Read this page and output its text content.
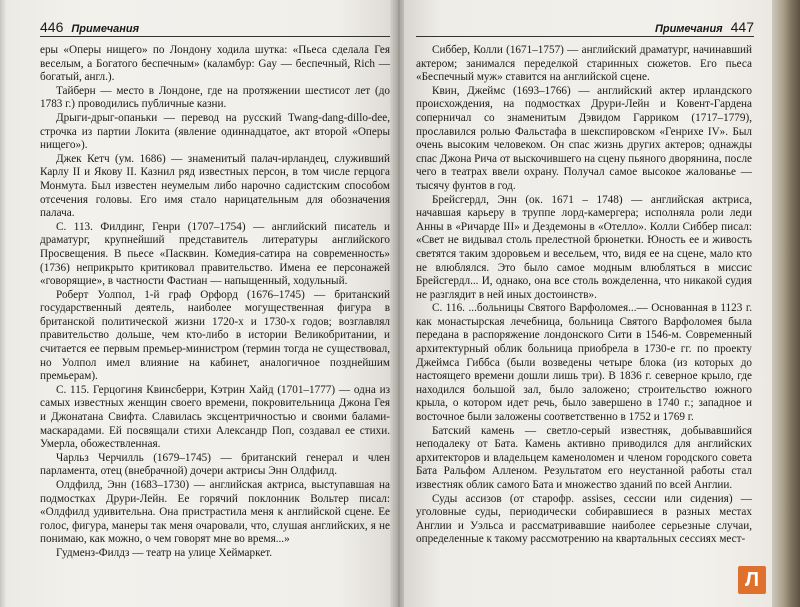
446 Примечания

еры «Оперы нищего» по Лондону ходила шутка: «Пьеса сделала Гея веселым, а Богатого беспечным» (каламбур: Gay — беспечный, Rich — богатый, англ.).

Тайберн — место в Лондоне, где на протяжении шестисот лет (до 1783 г.) проводились публичные казни.

Дрыги-дрыг-опаньки — перевод на русский Twang-dang-dillo-dee, строчка из партии Локита (явление одиннадцатое, акт второй «Оперы нищего»).

Джек Кетч (ум. 1686) — знаменитый палач-ирландец, служивший Карлу II и Якову II. Казнил ряд известных персон, в том числе герцога Монмута. Был известен неумелым либо нарочно садистским способом отсечения головы. Его имя стало нарицательным для обозначения палача.

С. 113. Филдинг, Генри (1707–1754) — английский писатель и драматург, крупнейший представитель литературы английского Просвещения. В пьесе «Пасквин. Комедия-сатира на современность» (1736) неприкрыто критиковал правительство. Имена ее персонажей «говорящие», в частности Фастиан — напыщенный, ходульный.

Роберт Уолпол, 1-й граф Орфорд (1676–1745) — британский государственный деятель, наиболее могущественная фигура в британской политической жизни 1720-х и 1730-х годов; возглавлял правительство дольше, чем кто-либо в истории Великобритании, и считается ее первым премьер-министром (термин тогда не существовал, но Уолпол имел влияние на кабинет, аналогичное позднейшим премьерам).

С. 115. Герцогиня Квинсберри, Кэтрин Хайд (1701–1777) — одна из самых известных женщин своего времени, покровительница Джона Гея и Джонатана Свифта. Славилась эксцентричностью и своими балами-маскарадами. Ей посвящали стихи Александр Поп, создавал ее стихи. Умерла, обожествленная.

Чарльз Черчилль (1679–1745) — британский генерал и член парламента, отец (внебрачной) дочери актрисы Энн Олдфилд.

Олдфилд, Энн (1683–1730) — английская актриса, выступавшая на подмостках Друри-Лейн. Ее горячий поклонник Вольтер писал: «Олдфилд удивительна. Она пристрастила меня к английской сцене. Ее голос, фигура, манеры так меня очаровали, что, слушая английских, я не понимаю, как можно, о чем говорят мне во время...»

Гудменз-Филдз — театр на улице Хеймаркет.

Примечания 447

Сиббер, Колли (1671–1757) — английский драматург, начинавший актером; занимался переделкой старинных сюжетов. Его пьеса «Беспечный муж» ставится на английской сцене.

Квин, Джеймс (1693–1766) — английский актер ирландского происхождения, на подмостках Друри-Лейн и Ковент-Гардена соперничал со знаменитым Дэвидом Гарриком (1717–1779), прославился ролью Фальстафа в шекспировском «Генрихе IV». Был очень высоким человеком. Он спас жизнь других актеров; однажды спас Джона Рича от выскочившего на сцену пьяного дворянина, после чего в театрах ввели охрану. Получал самое высокое жалованье — тысячу фунтов в год.

Брейсгердл, Энн (ок. 1671 – 1748) — английская актриса, начавшая карьеру в труппе лорд-камергера; исполняла роли леди Анны в «Ричарде III» и Дездемоны в «Отелло». Колли Сиббер писал: «Свет не видывал столь прелестной брюнетки. Юность ее и живость светятся таким здоровьем и весельем, что, видя ее на сцене, мало кто не влюблялся. Это было самое модным влюбляться в миссис Брейсгердл... И, однако, она все столь вожделенна, что никакой судия не разглядит в ней иных достоинств».

С. 116. ...больницы Святого Варфоломея...— Основанная в 1123 г. как монастырская лечебница, больница Святого Варфоломея была передана в распоряжение лондонского Сити в 1546-м. Современный архитектурный облик больница приобрела в 1730-е гг. по проекту Джеймса Гиббса (были возведены четыре блока (из которых до настоящего времени дошли лишь три). В 1836 г. северное крыло, где находился большой зал, было заложено; строительство южного крыла, о котором идет речь, было завершено в 1740 г.; западное и восточное были заложены соответственно в 1752 и 1769 г.

Батский камень — светло-серый известняк, добывавшийся неподалеку от Бата. Камень активно приводился для английских архитекторов и владельцем каменоломен и членом городского совета Бата Ральфом Алленом. Результатом его неустанной работы стал известняк облик самого Бата и множество зданий по всей Англии.

Суды ассизов (от старофр. assises, сессии или сидения) — уголовные суды, периодически собиравшиеся в разных местах Англии и Уэльса и рассматривавшие наиболее серьезные случаи, определенные к такому рассмотрению на квартальных сессиях мест-

Л
